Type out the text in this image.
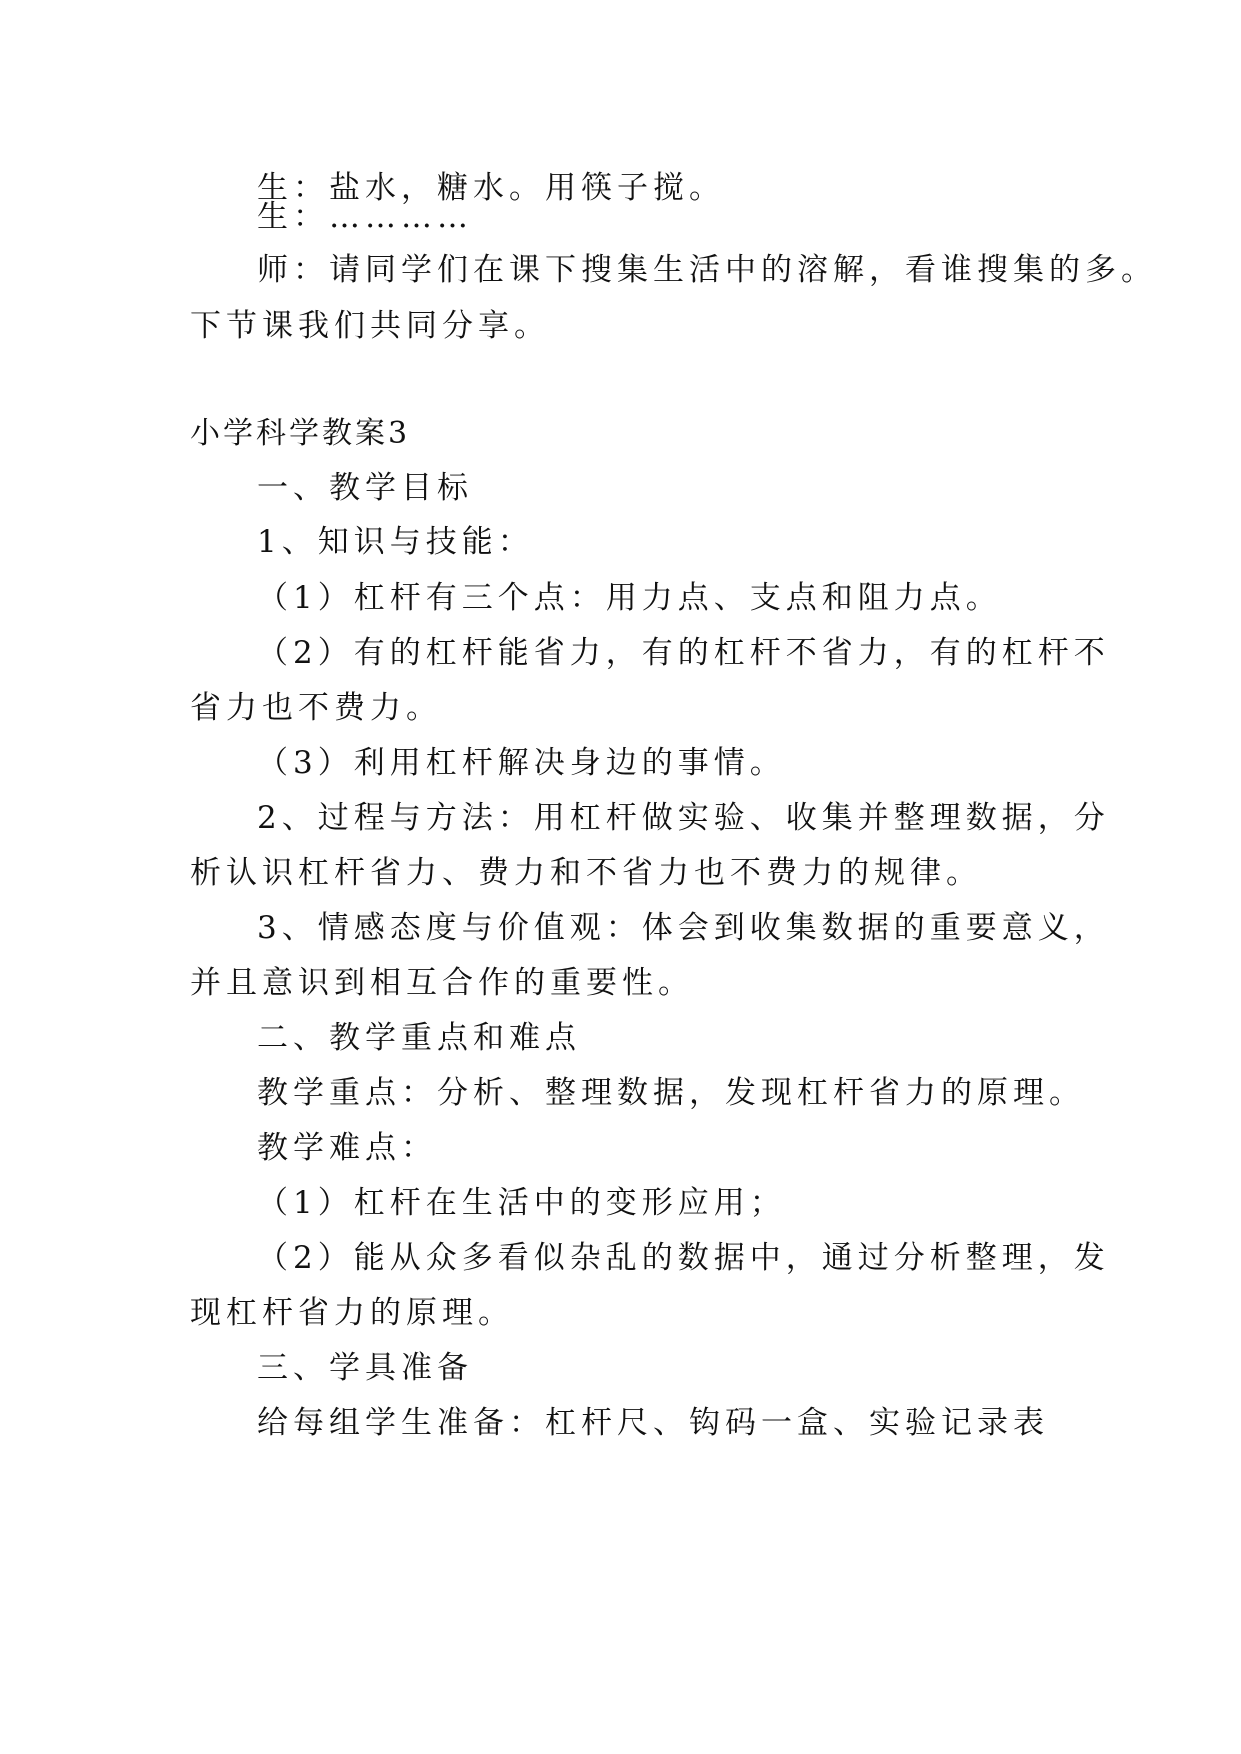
生：盐水，糖水。用筷子搅。
生：…………
师：请同学们在课下搜集生活中的溶解，看谁搜集的多。
下节课我们共同分享。
小学科学教案3
一、教学目标
1、知识与技能：
（1）杠杆有三个点：用力点、支点和阻力点。
（2）有的杠杆能省力，有的杠杆不省力，有的杠杆不
省力也不费力。
（3）利用杠杆解决身边的事情。
2、过程与方法：用杠杆做实验、收集并整理数据，分
析认识杠杆省力、费力和不省力也不费力的规律。
3、情感态度与价值观：体会到收集数据的重要意义，
并且意识到相互合作的重要性。
二、教学重点和难点
教学重点：分析、整理数据，发现杠杆省力的原理。
教学难点：
（1）杠杆在生活中的变形应用；
（2）能从众多看似杂乱的数据中，通过分析整理，发
现杠杆省力的原理。
三、学具准备
给每组学生准备：杠杆尺、钩码一盒、实验记录表
